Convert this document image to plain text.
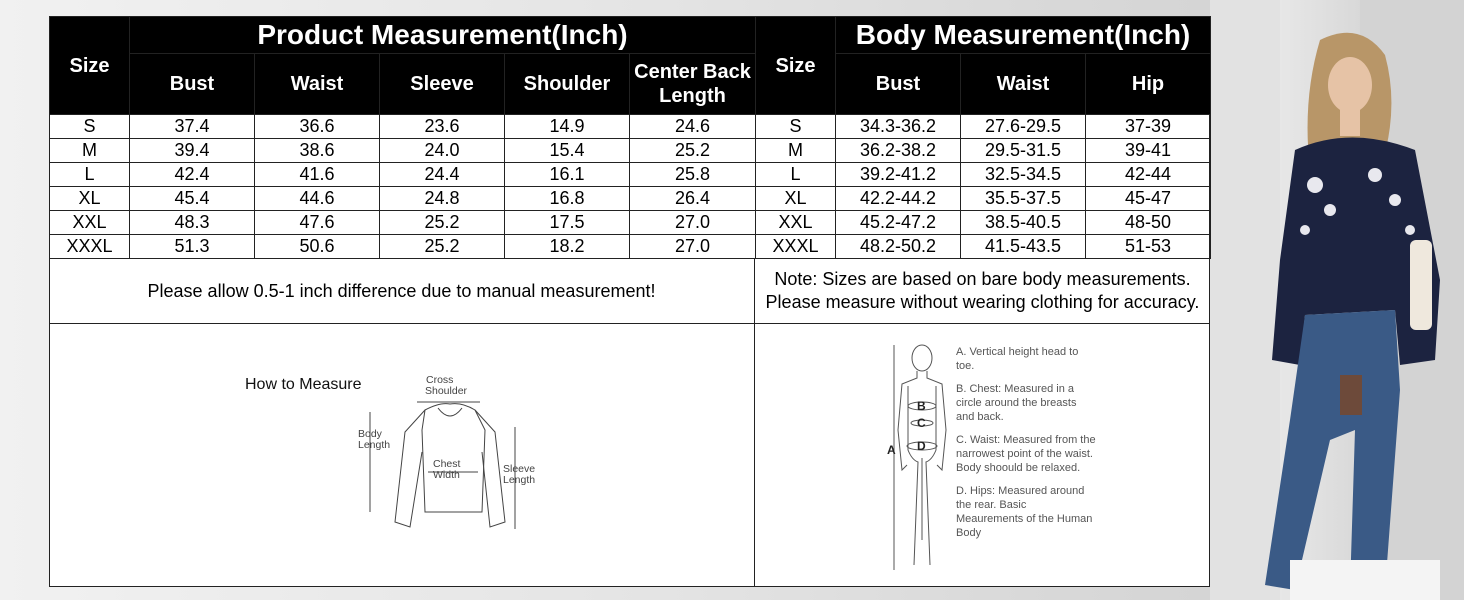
Size	Product Measurement(Inch)					Size	Body Measurement(Inch)		
	Bust	Waist	Sleeve	Shoulder	Center Back Length		Bust	Waist	Hip
S	37.4	36.6	23.6	14.9	24.6	S	34.3-36.2	27.6-29.5	37-39
M	39.4	38.6	24.0	15.4	25.2	M	36.2-38.2	29.5-31.5	39-41
L	42.4	41.6	24.4	16.1	25.8	L	39.2-41.2	32.5-34.5	42-44
XL	45.4	44.6	24.8	16.8	26.4	XL	42.2-44.2	35.5-37.5	45-47
XXL	48.3	47.6	25.2	17.5	27.0	XXL	45.2-47.2	38.5-40.5	48-50
XXXL	51.3	50.6	25.2	18.2	27.0	XXXL	48.2-50.2	41.5-43.5	51-53
Please allow 0.5-1 inch difference due to manual measurement!
Note: Sizes are based on bare body measurements.
Please measure without wearing clothing for accuracy.
How to Measure	Cross
Shoulder
Body
Length
Chest
Width	Sleeve
Length
B
C
D
A
A. Vertical height head to toe.
B. Chest: Measured in a circle around the breasts and back.
C. Waist: Measured from the narrowest point of the waist. Body shoould be relaxed.
D. Hips: Measured around the rear. Basic Meaurements of the Human Body
